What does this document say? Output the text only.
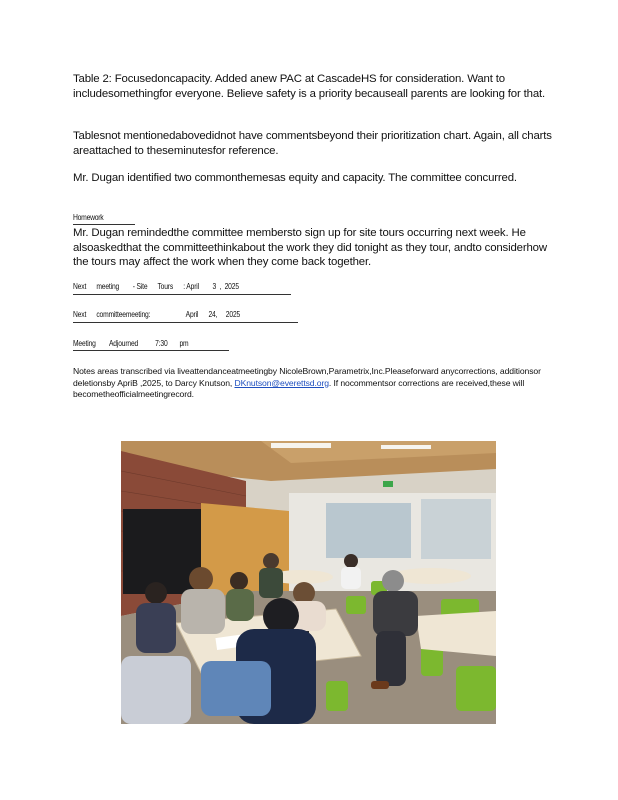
Table 2: Focusedoncapacity. Added anew PAC at CascadeHS for consideration. Want to includesomethingfor everyone. Believe safety is a priority becauseall parents are looking for that.

Tablesnot mentionedabovedidnot have commentsbeyond their prioritization chart. Again, all charts areattached to theseminutesfor reference.

Mr. Dugan identified two commonthemesas equity and capacity. The committee concurred.

Homework

Mr. Dugan remindedthe committee membersto sign up for site tours occurring next week. He alsoaskedthat the committeethinkabout the work they did tonight as they tour, andto considerhow the tours may affect the work when they come back together.

Next      meeting        - Site      Tours      : April        3  ,  2025
Next      committeemeeting:                     April      24,     2025
Meeting        Adjourned          7:30       pm

Notes areas transcribed via liveattendanceatmeetingby NicoleBrown,Parametrix,Inc.Pleaseforward anycorrections, additionsor deletionsby ApriB ,2025, to Darcy Knutson, DKnutson@everettsd.org. If nocommentsor corrections are received,these will becometheofficialmeetingrecord.
